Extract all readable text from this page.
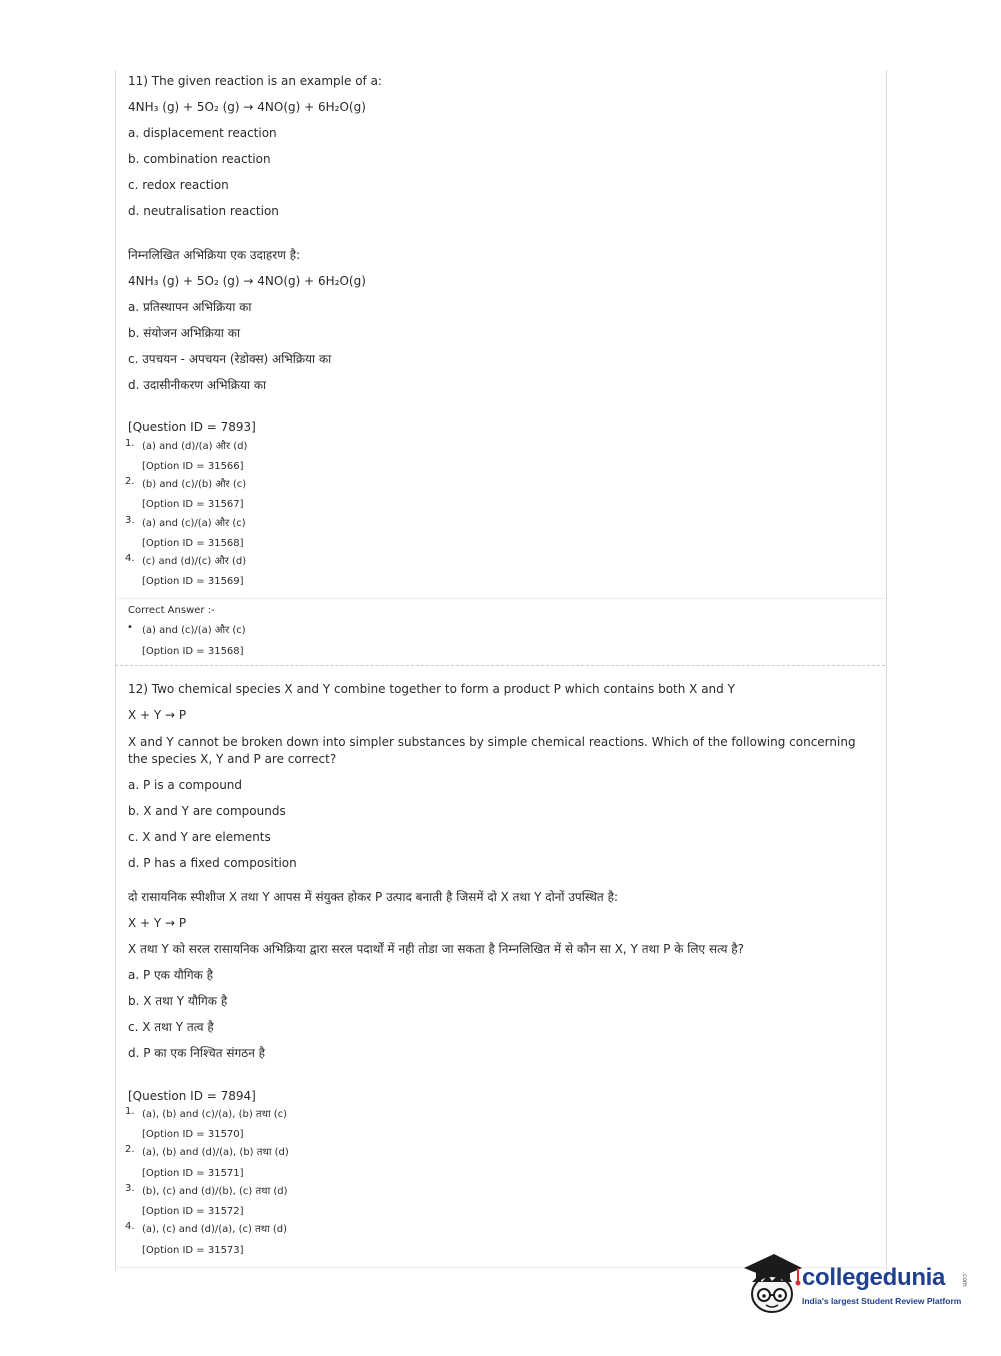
11) The given reaction is an example of a:

4NH₃ (g) + 5O₂ (g) → 4NO(g) + 6H₂O(g)

a. displacement reaction

b. combination reaction

c. redox reaction

d. neutralisation reaction

निम्नलिखित अभिक्रिया एक उदाहरण है:

4NH₃ (g) + 5O₂ (g) → 4NO(g) + 6H₂O(g)

a. प्रतिस्थापन अभिक्रिया का

b. संयोजन अभिक्रिया का

c. उपचयन - अपचयन (रेडोक्स) अभिक्रिया का

d. उदासीनीकरण अभिक्रिया का

[Question ID = 7893]
1. (a) and (d)/(a) और (d)
[Option ID = 31566]
2. (b) and (c)/(b) और (c)
[Option ID = 31567]
3. (a) and (c)/(a) और (c)
[Option ID = 31568]
4. (c) and (d)/(c) और (d)
[Option ID = 31569]
Correct Answer :-
• (a) and (c)/(a) और (c)
[Option ID = 31568]

12) Two chemical species X and Y combine together to form a product P which contains both X and Y

X + Y → P

X and Y cannot be broken down into simpler substances by simple chemical reactions. Which of the following concerning the species X, Y and P are correct?

a. P is a compound

b. X and Y are compounds

c. X and Y are elements

d. P has a fixed composition

दो रासायनिक स्पीशीज X तथा Y आपस में संयुक्त होकर P उत्पाद बनाती है जिसमें दो X तथा Y दोनों उपस्थित है:

X + Y → P

X तथा Y को सरल रासायनिक अभिक्रिया द्वारा सरल पदार्थों में नही तोडा जा सकता है निम्नलिखित में से कौन सा X, Y तथा P के लिए सत्य है?

a. P एक यौगिक है

b. X तथा Y यौगिक है

c. X तथा Y तत्व है

d. P का एक निश्चित संगठन है

[Question ID = 7894]
1. (a), (b) and (c)/(a), (b) तथा (c)
[Option ID = 31570]
2. (a), (b) and (d)/(a), (b) तथा (d)
[Option ID = 31571]
3. (b), (c) and (d)/(b), (c) तथा (d)
[Option ID = 31572]
4. (a), (c) and (d)/(a), (c) तथा (d)
[Option ID = 31573]
collegedunia	.com
India's largest Student Review Platform
